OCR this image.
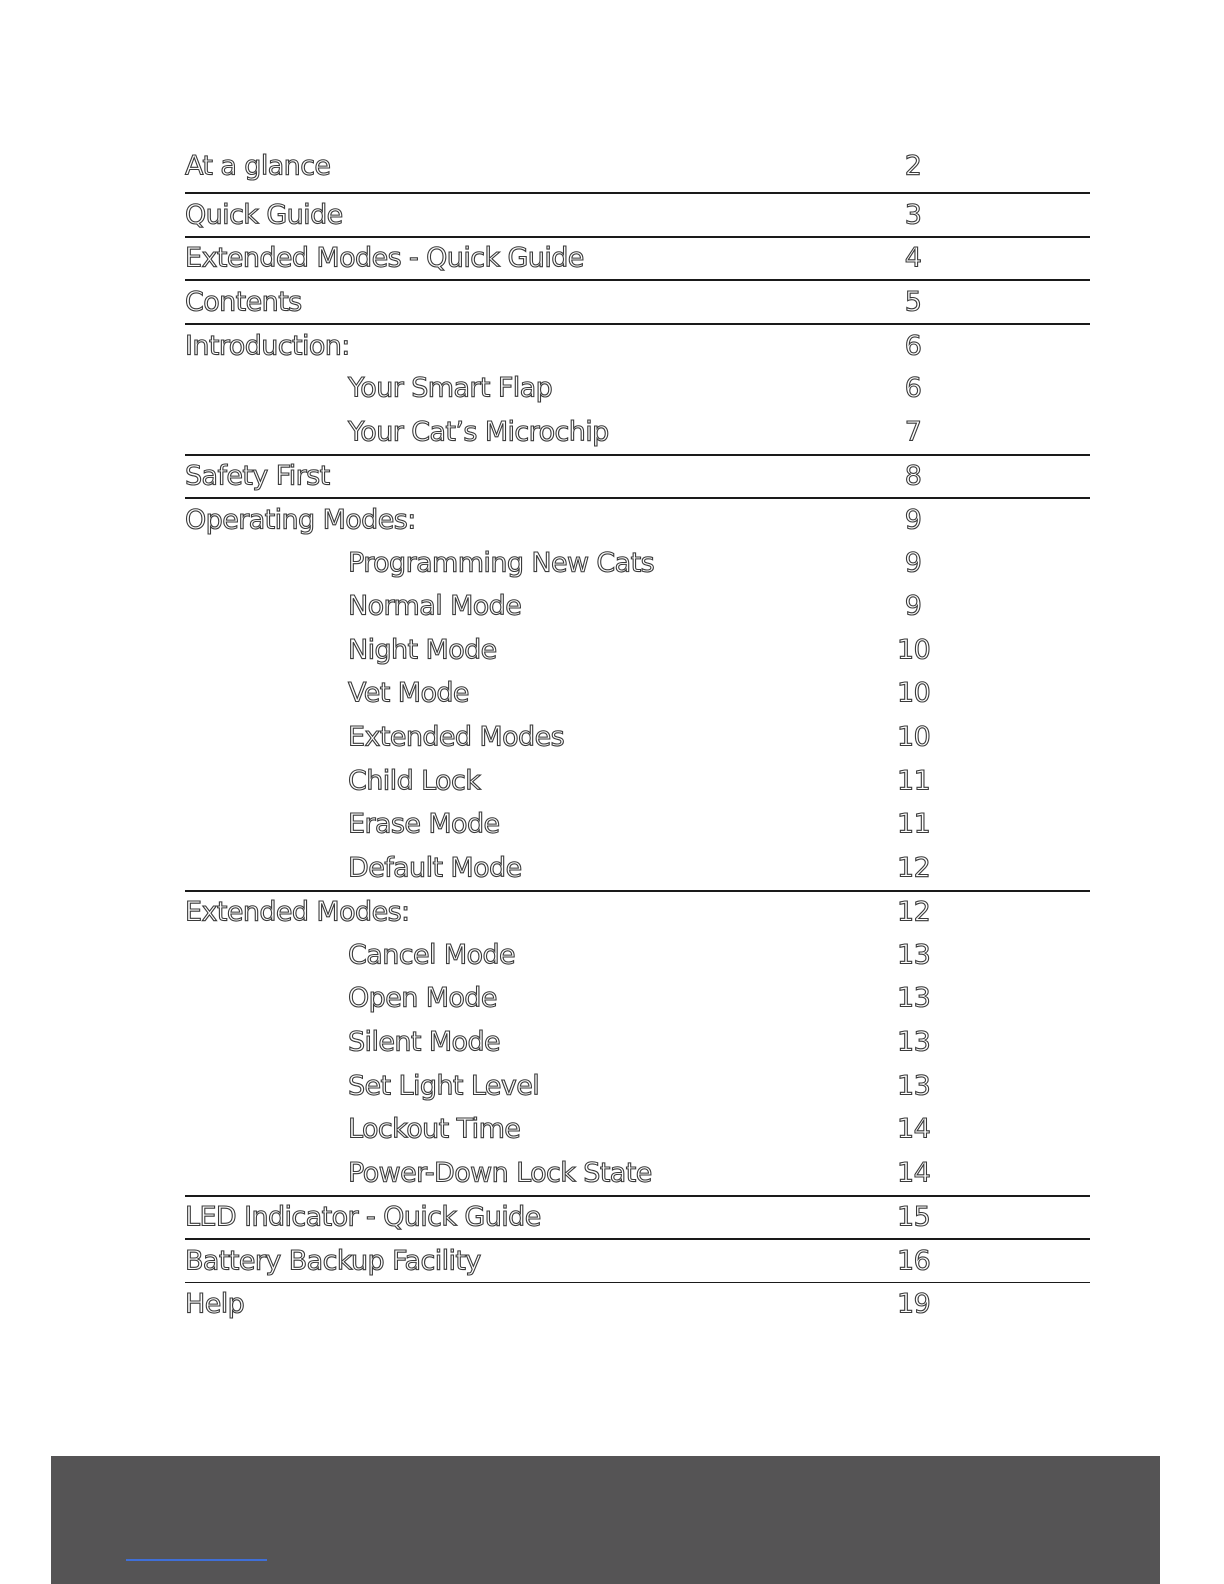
At a glance	2
Quick Guide	3
Extended Modes - Quick Guide	4
Contents	5
Introduction:	6
Your Smart Flap	6
Your Cat’s Microchip	7
Safety First	8
Operating Modes:	9
Programming New Cats	9
Normal Mode	9
Night Mode	10
Vet Mode	10
Extended Modes	10
Child Lock	11
Erase Mode	11
Default Mode	12
Extended Modes:	12
Cancel Mode	13
Open Mode	13
Silent Mode	13
Set Light Level	13
Lockout Time	14
Power-Down Lock State	14
LED Indicator - Quick Guide	15
Battery Backup Facility	16
Help	19
